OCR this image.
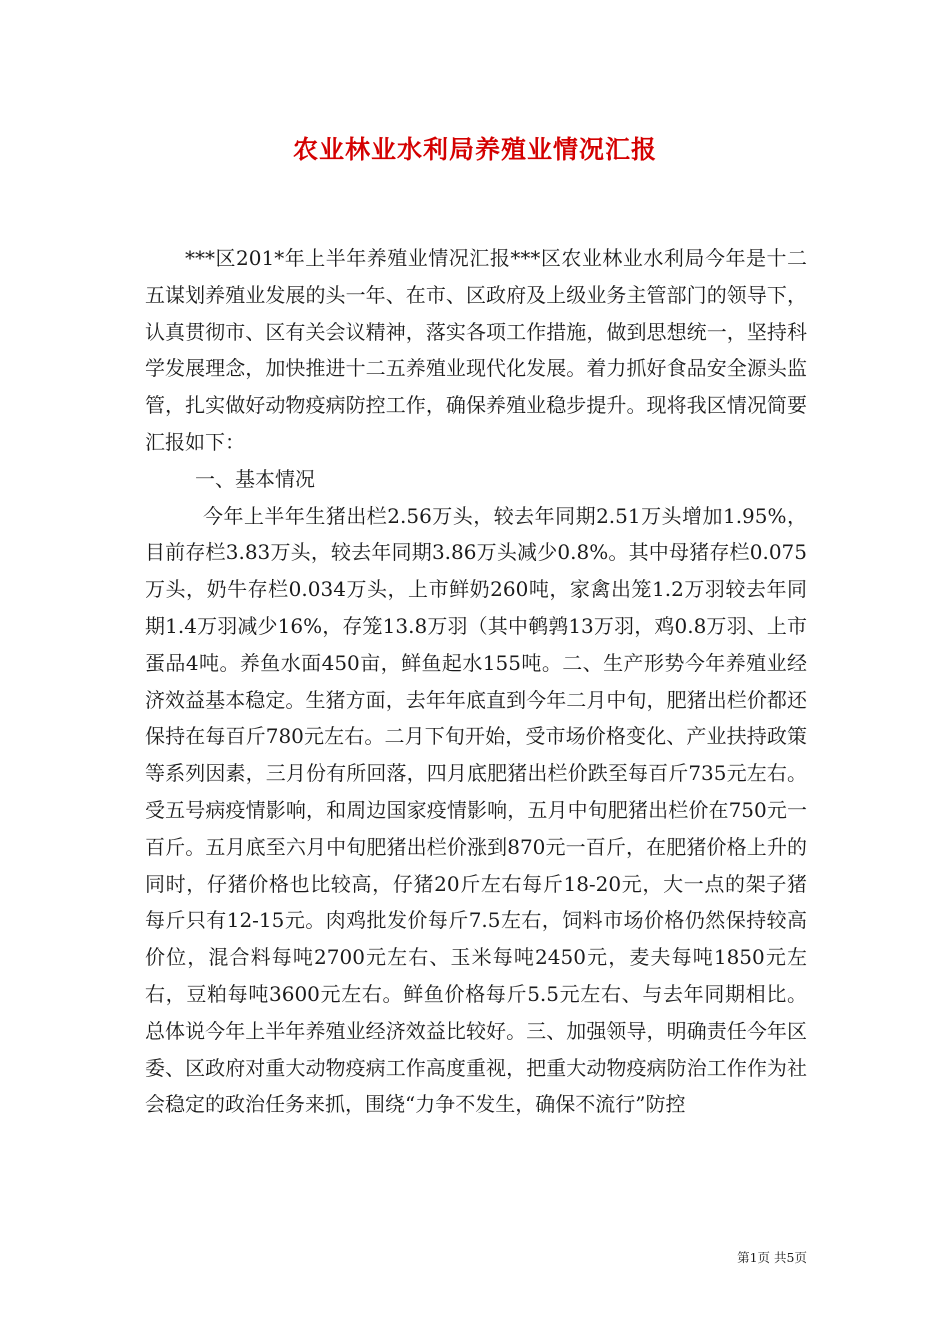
农业林业水利局养殖业情况汇报

***区201*年上半年养殖业情况汇报***区农业林业水利局今年是十二五谋划养殖业发展的头一年、在市、区政府及上级业务主管部门的领导下，认真贯彻市、区有关会议精神，落实各项工作措施，做到思想统一，坚持科学发展理念，加快推进十二五养殖业现代化发展。着力抓好食品安全源头监管，扎实做好动物疫病防控工作，确保养殖业稳步提升。现将我区情况简要汇报如下：

一、基本情况

今年上半年生猪出栏2.56万头，较去年同期2.51万头增加1.95%，目前存栏3.83万头，较去年同期3.86万头减少0.8%。其中母猪存栏0.075万头，奶牛存栏0.034万头，上市鲜奶260吨，家禽出笼1.2万羽较去年同期1.4万羽减少16%，存笼13.8万羽（其中鹌鹑13万羽，鸡0.8万羽、上市蛋品4吨。养鱼水面450亩，鲜鱼起水155吨。二、生产形势今年养殖业经济效益基本稳定。生猪方面，去年年底直到今年二月中旬，肥猪出栏价都还保持在每百斤780元左右。二月下旬开始，受市场价格变化、产业扶持政策等系列因素，三月份有所回落，四月底肥猪出栏价跌至每百斤735元左右。受五号病疫情影响，和周边国家疫情影响，五月中旬肥猪出栏价在750元一百斤。五月底至六月中旬肥猪出栏价涨到870元一百斤，在肥猪价格上升的同时，仔猪价格也比较高，仔猪20斤左右每斤18-20元，大一点的架子猪每斤只有12-15元。肉鸡批发价每斤7.5左右，饲料市场价格仍然保持较高价位，混合料每吨2700元左右、玉米每吨2450元，麦夫每吨1850元左右，豆粕每吨3600元左右。鲜鱼价格每斤5.5元左右、与去年同期相比。总体说今年上半年养殖业经济效益比较好。三、加强领导，明确责任今年区委、区政府对重大动物疫病工作高度重视，把重大动物疫病防治工作作为社会稳定的政治任务来抓，围绕“力争不发生，确保不流行”防控

第1页 共5页
